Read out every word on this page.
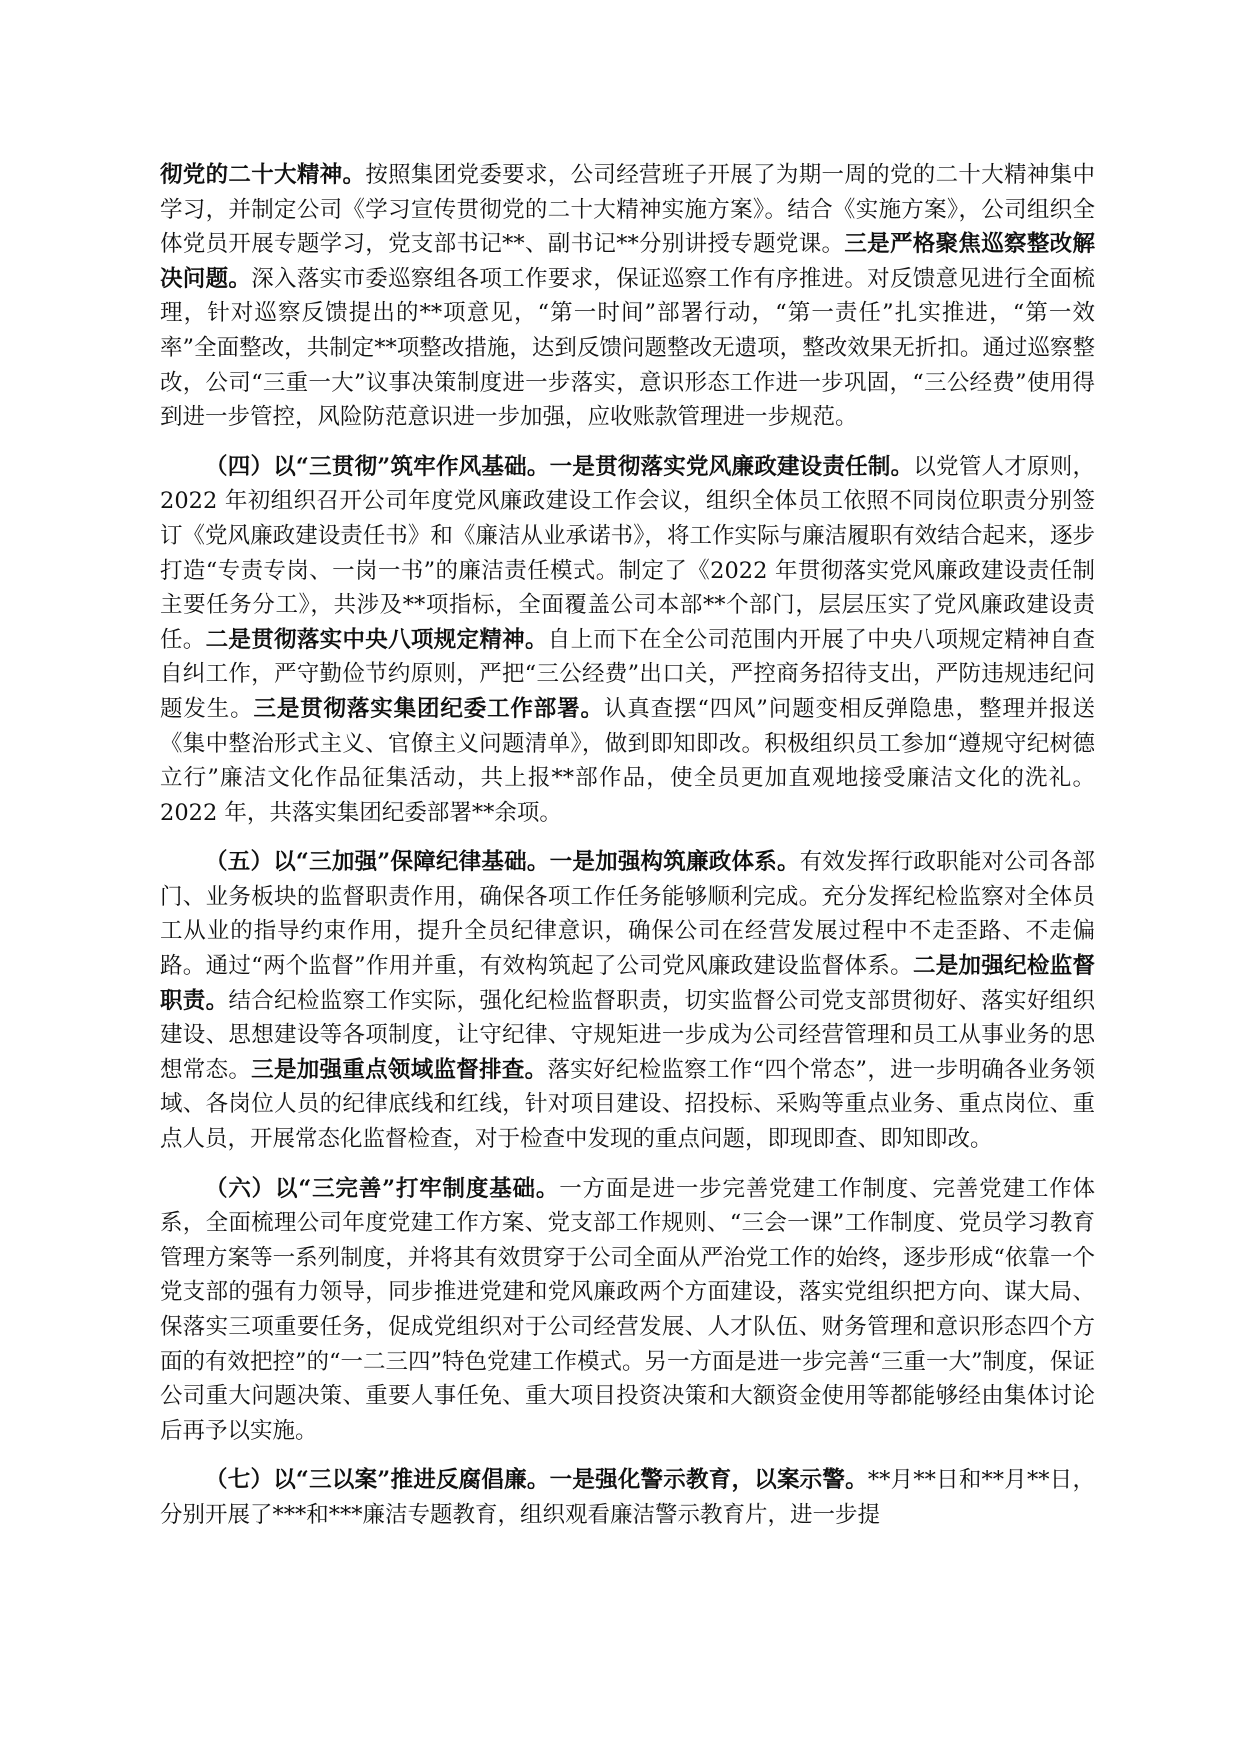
彻党的二十大精神。按照集团党委要求，公司经营班子开展了为期一周的党的二十大精神集中学习，并制定公司《学习宣传贯彻党的二十大精神实施方案》。结合《实施方案》，公司组织全体党员开展专题学习，党支部书记**、副书记**分别讲授专题党课。三是严格聚焦巡察整改解决问题。深入落实市委巡察组各项工作要求，保证巡察工作有序推进。对反馈意见进行全面梳理，针对巡察反馈提出的**项意见，“第一时间”部署行动，“第一责任”扎实推进，“第一效率”全面整改，共制定**项整改措施，达到反馈问题整改无遗项，整改效果无折扣。通过巡察整改，公司“三重一大”议事决策制度进一步落实，意识形态工作进一步巩固，“三公经费”使用得到进一步管控，风险防范意识进一步加强，应收账款管理进一步规范。

（四）以“三贯彻”筑牢作风基础。一是贯彻落实党风廉政建设责任制。以党管人才原则，2022 年初组织召开公司年度党风廉政建设工作会议，组织全体员工依照不同岗位职责分别签订《党风廉政建设责任书》和《廉洁从业承诺书》，将工作实际与廉洁履职有效结合起来，逐步打造“专责专岗、一岗一书”的廉洁责任模式。制定了《2022 年贯彻落实党风廉政建设责任制主要任务分工》，共涉及**项指标，全面覆盖公司本部**个部门，层层压实了党风廉政建设责任。二是贯彻落实中央八项规定精神。自上而下在全公司范围内开展了中央八项规定精神自查自纠工作，严守勤俭节约原则，严把“三公经费”出口关，严控商务招待支出，严防违规违纪问题发生。三是贯彻落实集团纪委工作部署。认真查摆“四风”问题变相反弹隐患，整理并报送《集中整治形式主义、官僚主义问题清单》，做到即知即改。积极组织员工参加“遵规守纪树德立行”廉洁文化作品征集活动，共上报**部作品，使全员更加直观地接受廉洁文化的洗礼。2022 年，共落实集团纪委部署**余项。

（五）以“三加强”保障纪律基础。一是加强构筑廉政体系。有效发挥行政职能对公司各部门、业务板块的监督职责作用，确保各项工作任务能够顺利完成。充分发挥纪检监察对全体员工从业的指导约束作用，提升全员纪律意识，确保公司在经营发展过程中不走歪路、不走偏路。通过“两个监督”作用并重，有效构筑起了公司党风廉政建设监督体系。二是加强纪检监督职责。结合纪检监察工作实际，强化纪检监督职责，切实监督公司党支部贯彻好、落实好组织建设、思想建设等各项制度，让守纪律、守规矩进一步成为公司经营管理和员工从事业务的思想常态。三是加强重点领域监督排查。落实好纪检监察工作“四个常态”，进一步明确各业务领域、各岗位人员的纪律底线和红线，针对项目建设、招投标、采购等重点业务、重点岗位、重点人员，开展常态化监督检查，对于检查中发现的重点问题，即现即查、即知即改。

（六）以“三完善”打牢制度基础。一方面是进一步完善党建工作制度、完善党建工作体系，全面梳理公司年度党建工作方案、党支部工作规则、“三会一课”工作制度、党员学习教育管理方案等一系列制度，并将其有效贯穿于公司全面从严治党工作的始终，逐步形成“依靠一个党支部的强有力领导，同步推进党建和党风廉政两个方面建设，落实党组织把方向、谋大局、保落实三项重要任务，促成党组织对于公司经营发展、人才队伍、财务管理和意识形态四个方面的有效把控”的“一二三四”特色党建工作模式。另一方面是进一步完善“三重一大”制度，保证公司重大问题决策、重要人事任免、重大项目投资决策和大额资金使用等都能够经由集体讨论后再予以实施。

（七）以“三以案”推进反腐倡廉。一是强化警示教育，以案示警。**月**日和**月**日，分别开展了***和***廉洁专题教育，组织观看廉洁警示教育片，进一步提
